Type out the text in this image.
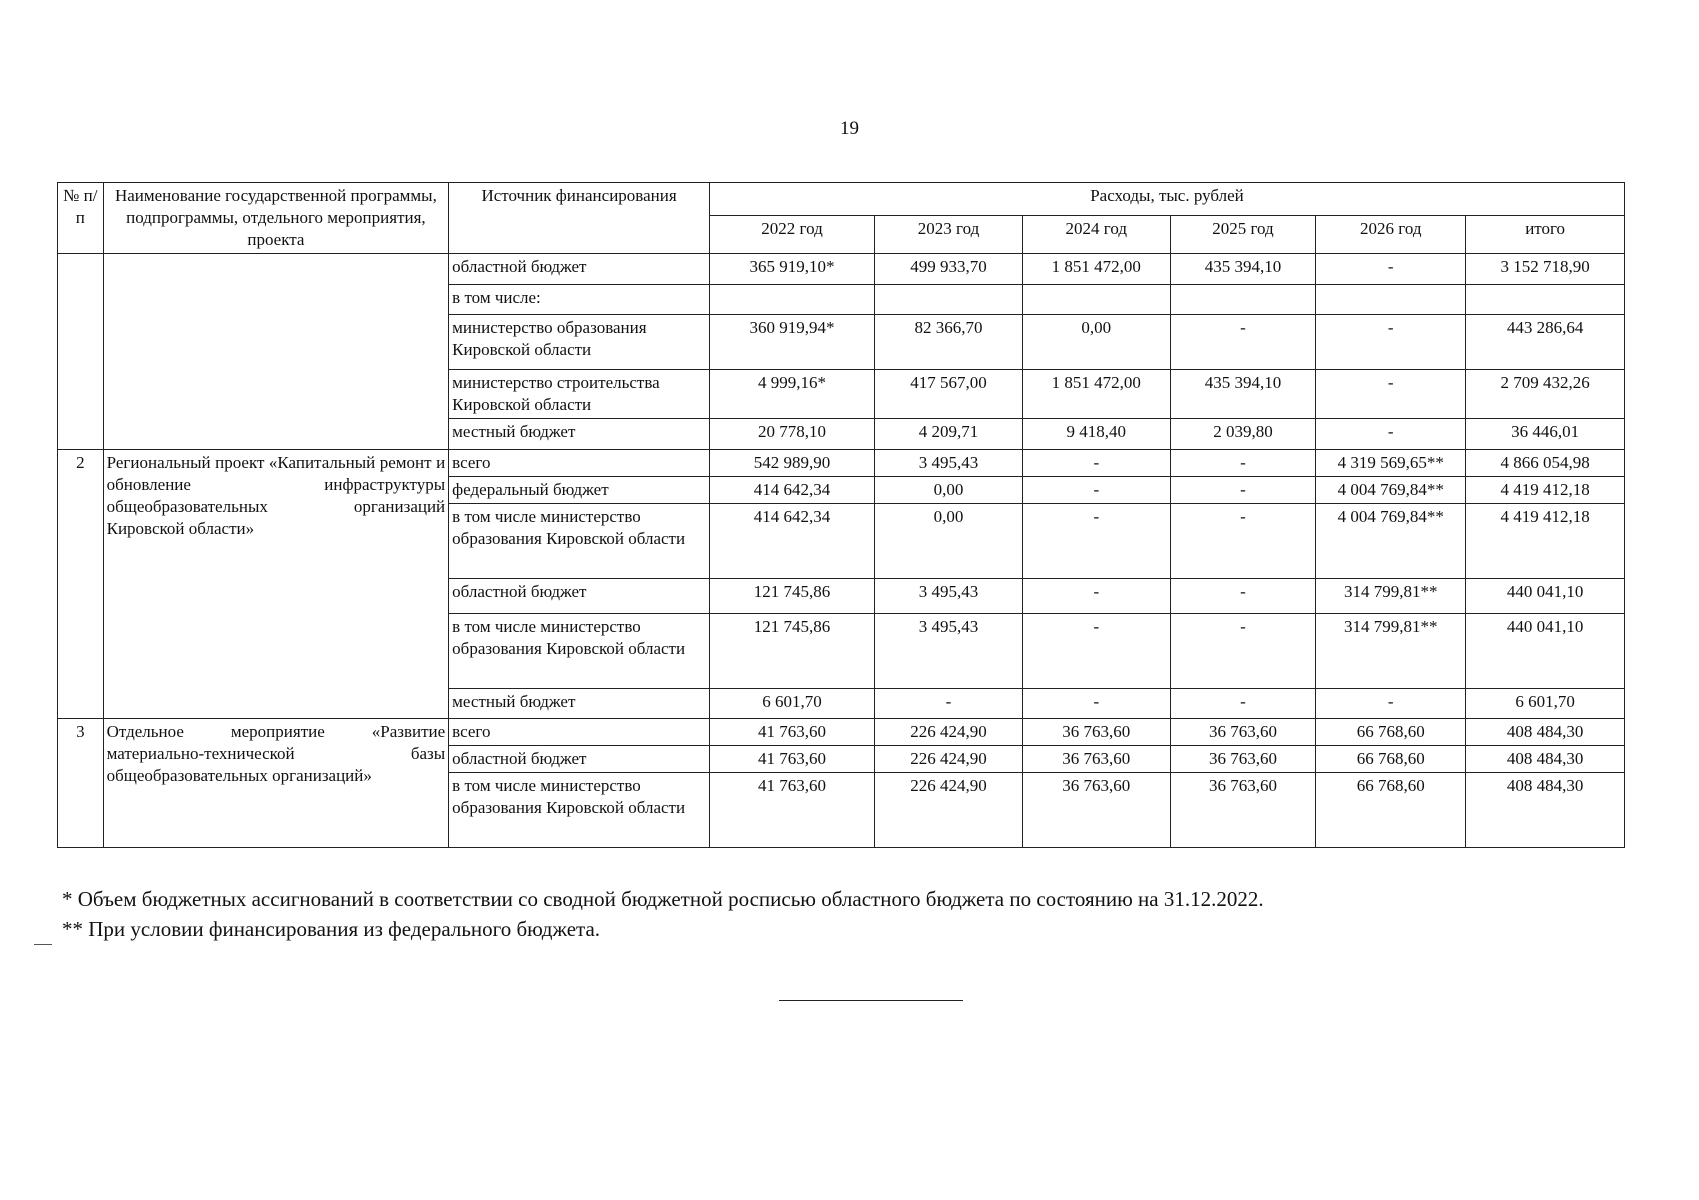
19
№ п/п	Наименование государственной программы, подпрограммы, отдельного мероприятия, проекта	Источник финансирования	Расходы, тыс. рублей					
			2022 год	2023 год	2024 год	2025 год	2026 год	итого
		областной бюджет	365 919,10*	499 933,70	1 851 472,00	435 394,10	-	3 152 718,90
		в том числе:						
		министерство образования Кировской области	360 919,94*	82 366,70	0,00	-	-	443 286,64
		министерство строительства Кировской области	4 999,16*	417 567,00	1 851 472,00	435 394,10	-	2 709 432,26
		местный бюджет	20 778,10	4 209,71	9 418,40	2 039,80	-	36 446,01
2	Региональный проект «Капитальный ремонт и обновление инфраструктуры общеобразовательных организаций Кировской области»	всего	542 989,90	3 495,43	-	-	4 319 569,65**	4 866 054,98
		федеральный бюджет	414 642,34	0,00	-	-	4 004 769,84**	4 419 412,18
		в том числе министерство образования Кировской области	414 642,34	0,00	-	-	4 004 769,84**	4 419 412,18
		областной бюджет	121 745,86	3 495,43	-	-	314 799,81**	440 041,10
		в том числе министерство образования Кировской области	121 745,86	3 495,43	-	-	314 799,81**	440 041,10
		местный бюджет	6 601,70	-	-	-	-	6 601,70
3	Отдельное мероприятие «Развитие материально-технической базы общеобразовательных организаций»	всего	41 763,60	226 424,90	36 763,60	36 763,60	66 768,60	408 484,30
		областной бюджет	41 763,60	226 424,90	36 763,60	36 763,60	66 768,60	408 484,30
		в том числе министерство образования Кировской области	41 763,60	226 424,90	36 763,60	36 763,60	66 768,60	408 484,30

* Объем бюджетных ассигнований в соответствии со сводной бюджетной росписью областного бюджета по состоянию на 31.12.2022.

** При условии финансирования из федерального бюджета.
